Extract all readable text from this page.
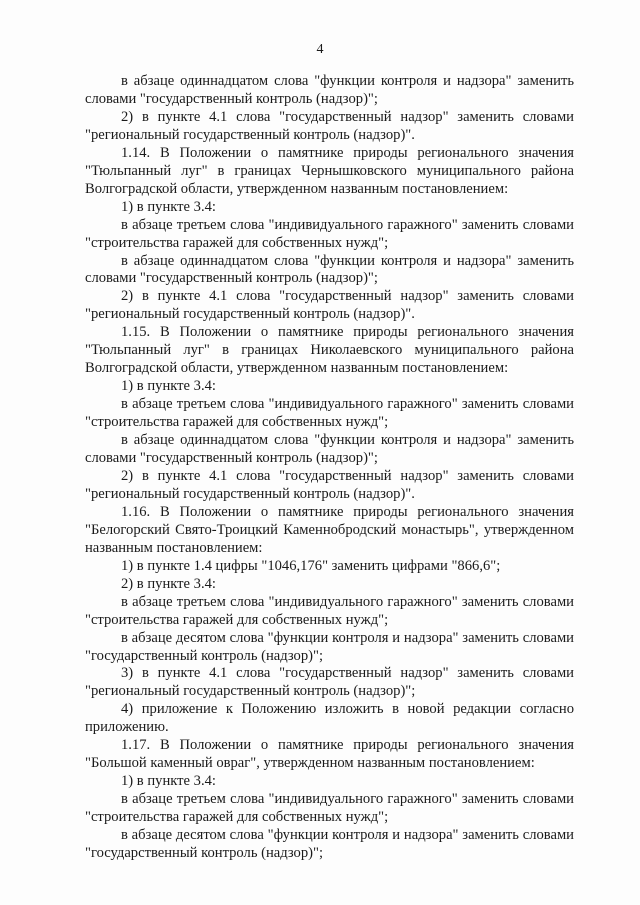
4

в абзаце одиннадцатом слова "функции контроля и надзора" заменить словами "государственный контроль (надзор)";

2) в пункте 4.1 слова "государственный надзор" заменить словами "региональный государственный контроль (надзор)".

1.14. В Положении о памятнике природы регионального значения "Тюльпанный луг" в границах Чернышковского муниципального района Волгоградской области, утвержденном названным постановлением:

1) в пункте 3.4:

в абзаце третьем слова "индивидуального гаражного" заменить словами "строительства гаражей для собственных нужд";

в абзаце одиннадцатом слова "функции контроля и надзора" заменить словами "государственный контроль (надзор)";

2) в пункте 4.1 слова "государственный надзор" заменить словами "региональный государственный контроль (надзор)".

1.15. В Положении о памятнике природы регионального значения "Тюльпанный луг" в границах Николаевского муниципального района Волгоградской области, утвержденном названным постановлением:

1) в пункте 3.4:

в абзаце третьем слова "индивидуального гаражного" заменить словами "строительства гаражей для собственных нужд";

в абзаце одиннадцатом слова "функции контроля и надзора" заменить словами "государственный контроль (надзор)";

2) в пункте 4.1 слова "государственный надзор" заменить словами "региональный государственный контроль (надзор)".

1.16. В Положении о памятнике природы регионального значения "Белогорский Свято-Троицкий Каменнобродский монастырь", утвержденном названным постановлением:

1) в пункте 1.4 цифры "1046,176" заменить цифрами "866,6";

2) в пункте 3.4:

в абзаце третьем слова "индивидуального гаражного" заменить словами "строительства гаражей для собственных нужд";

в абзаце десятом слова "функции контроля и надзора" заменить словами "государственный контроль (надзор)";

3) в пункте 4.1 слова "государственный надзор" заменить словами "региональный государственный контроль (надзор)";

4) приложение к Положению изложить в новой редакции согласно приложению.

1.17. В Положении о памятнике природы регионального значения "Большой каменный овраг", утвержденном названным постановлением:

1) в пункте 3.4:

в абзаце третьем слова "индивидуального гаражного" заменить словами "строительства гаражей для собственных нужд";

в абзаце десятом слова "функции контроля и надзора" заменить словами "государственный контроль (надзор)";
